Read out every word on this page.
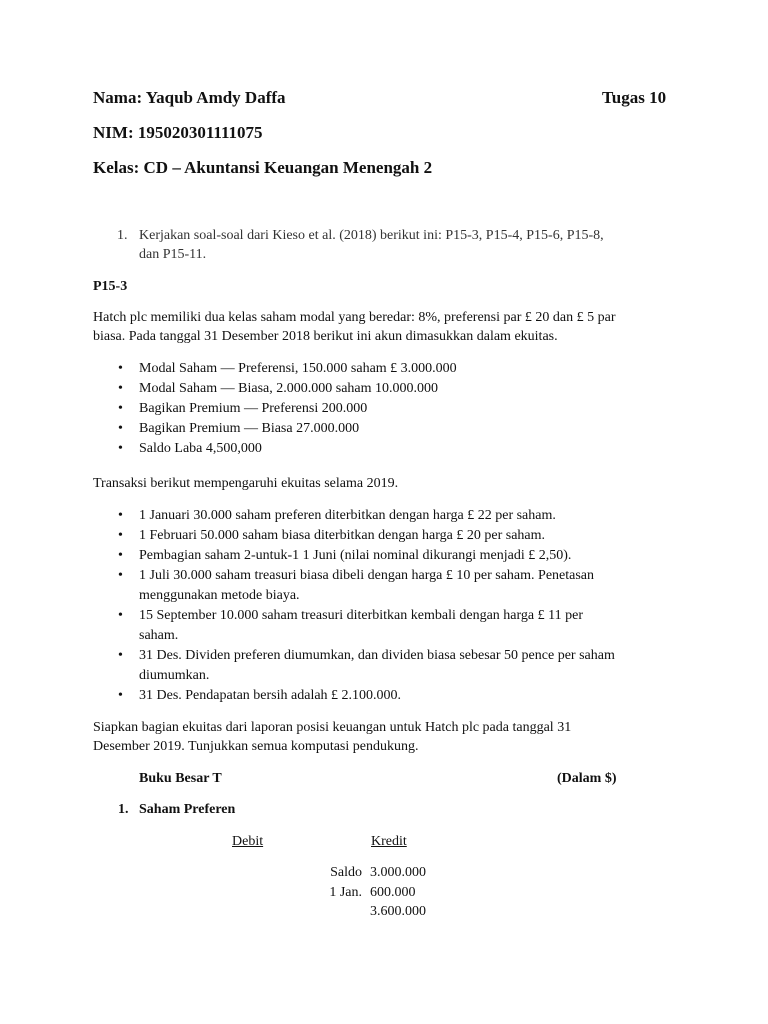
Nama: Yaqub Amdy Daffa	Tugas 10
NIM: 195020301111075
Kelas: CD – Akuntansi Keuangan Menengah 2
1. Kerjakan soal-soal dari Kieso et al. (2018) berikut ini: P15-3, P15-4, P15-6, P15-8,
dan P15-11.
P15-3
Hatch plc memiliki dua kelas saham modal yang beredar: 8%, preferensi par £ 20 dan £ 5 par
biasa. Pada tanggal 31 Desember 2018 berikut ini akun dimasukkan dalam ekuitas.
• Modal Saham — Preferensi, 150.000 saham £ 3.000.000
• Modal Saham — Biasa, 2.000.000 saham 10.000.000
• Bagikan Premium — Preferensi 200.000
• Bagikan Premium — Biasa 27.000.000
• Saldo Laba 4,500,000
Transaksi berikut mempengaruhi ekuitas selama 2019.
• 1 Januari 30.000 saham preferen diterbitkan dengan harga £ 22 per saham.
• 1 Februari 50.000 saham biasa diterbitkan dengan harga £ 20 per saham.
• Pembagian saham 2-untuk-1 1 Juni (nilai nominal dikurangi menjadi £ 2,50).
• 1 Juli 30.000 saham treasuri biasa dibeli dengan harga £ 10 per saham. Penetasan
menggunakan metode biaya.
• 15 September 10.000 saham treasuri diterbitkan kembali dengan harga £ 11 per
saham.
• 31 Des. Dividen preferen diumumkan, dan dividen biasa sebesar 50 pence per saham
diumumkan.
• 31 Des. Pendapatan bersih adalah £ 2.100.000.
Siapkan bagian ekuitas dari laporan posisi keuangan untuk Hatch plc pada tanggal 31
Desember 2019. Tunjukkan semua komputasi pendukung.
Buku Besar T	(Dalam $)
1. Saham Preferen
Debit	Kredit
Saldo 3.000.000
1 Jan. 600.000
3.600.000
